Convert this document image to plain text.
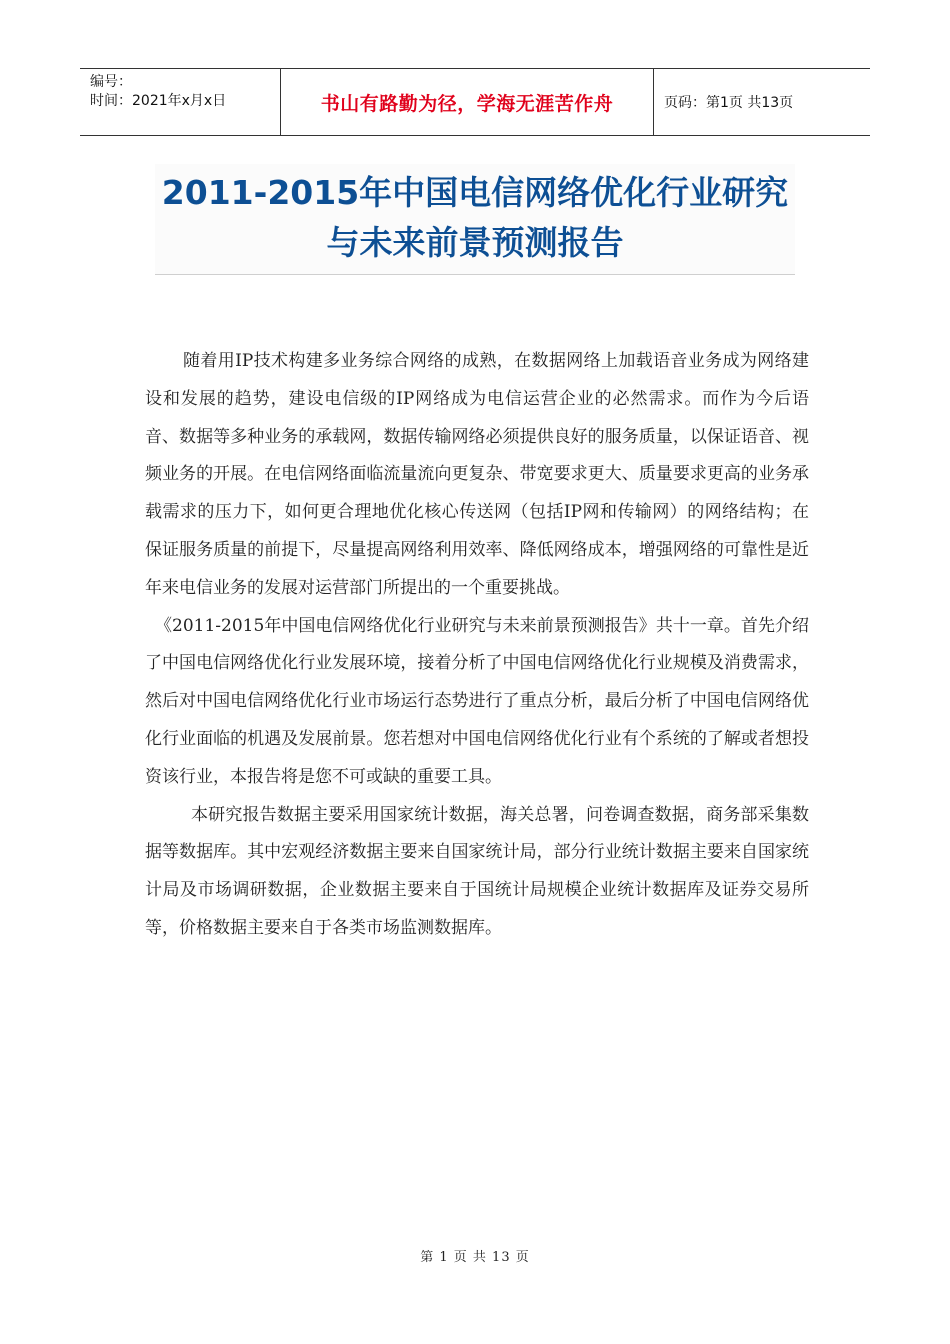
编号：
时间：2021年x月x日	书山有路勤为径，学海无涯苦作舟	页码：第1页 共13页
2011-2015年中国电信网络优化行业研究
与未来前景预测报告

随着用IP技术构建多业务综合网络的成熟，在数据网络上加载语音业务成为网络建设和发展的趋势，建设电信级的IP网络成为电信运营企业的必然需求。而作为今后语音、数据等多种业务的承载网，数据传输网络必须提供良好的服务质量，以保证语音、视频业务的开展。在电信网络面临流量流向更复杂、带宽要求更大、质量要求更高的业务承载需求的压力下，如何更合理地优化核心传送网（包括IP网和传输网）的网络结构；在保证服务质量的前提下，尽量提高网络利用效率、降低网络成本，增强网络的可靠性是近年来电信业务的发展对运营部门所提出的一个重要挑战。

《2011-2015年中国电信网络优化行业研究与未来前景预测报告》共十一章。首先介绍了中国电信网络优化行业发展环境，接着分析了中国电信网络优化行业规模及消费需求，然后对中国电信网络优化行业市场运行态势进行了重点分析，最后分析了中国电信网络优化行业面临的机遇及发展前景。您若想对中国电信网络优化行业有个系统的了解或者想投资该行业，本报告将是您不可或缺的重要工具。

本研究报告数据主要采用国家统计数据，海关总署，问卷调查数据，商务部采集数据等数据库。其中宏观经济数据主要来自国家统计局，部分行业统计数据主要来自国家统计局及市场调研数据，企业数据主要来自于国统计局规模企业统计数据库及证券交易所等，价格数据主要来自于各类市场监测数据库。

第 1 页 共 13 页
